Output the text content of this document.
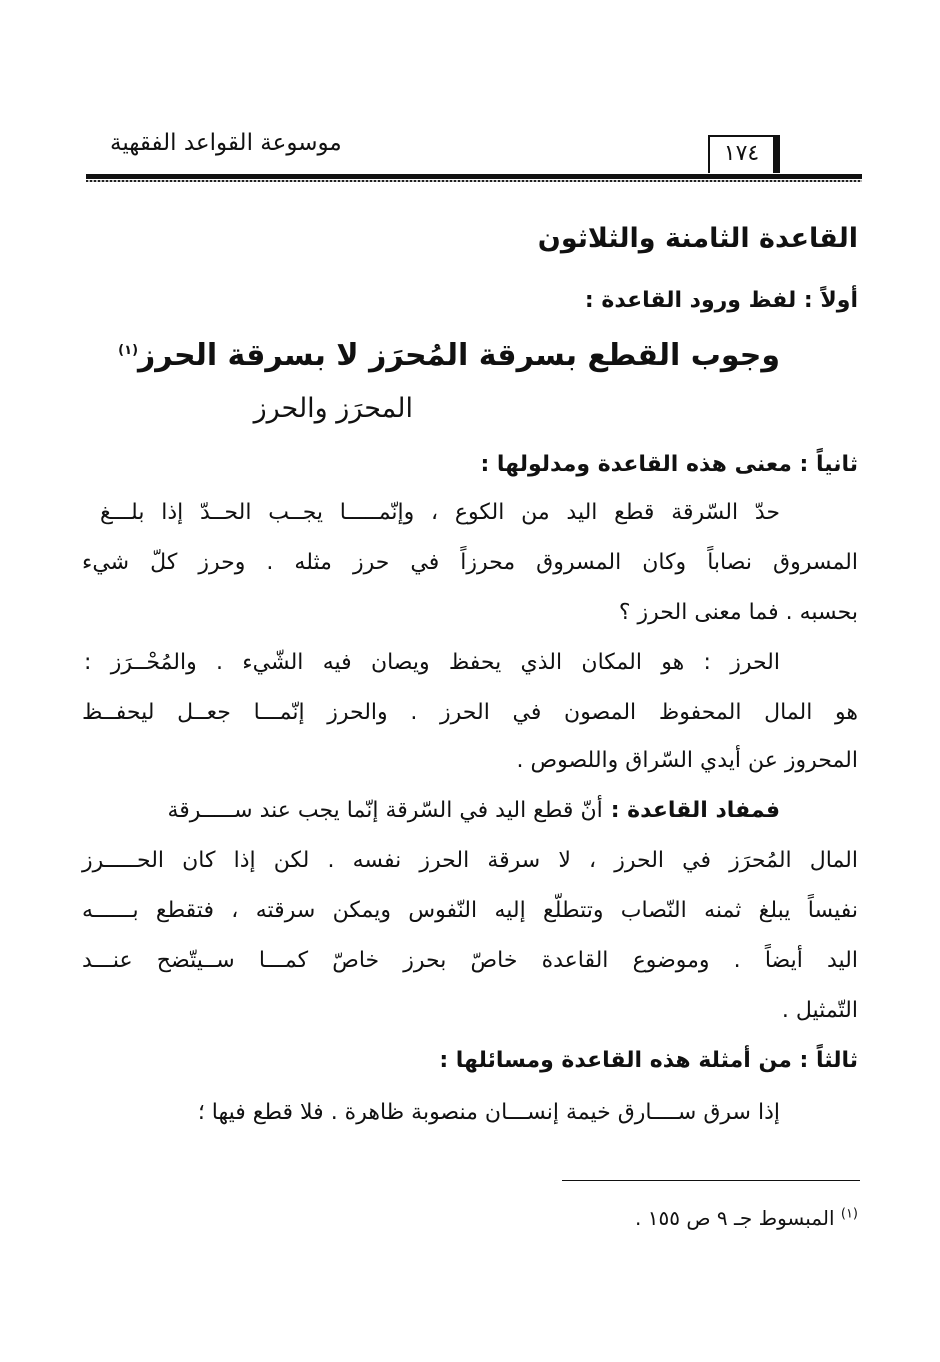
موسوعة القواعد الفقهية	١٧٤
القاعدة الثامنة والثلاثون
أولاً : لفظ ورود القاعدة :
وجوب القطع بسرقة المُحرَز لا بسرقة الحرز$^{(١)}$
المحرَز والحرز
ثانياً : معنى هذه القاعدة ومدلولها :
حدّ السّرقة قطع اليد من الكوع ، وإنّمـــــا يجــب الحــدّ إذا بلـــغ
المسروق نصاباً وكان المسروق محرزاً في حرز مثله . وحرز كلّ شيء
بحسبه . فما معنى الحرز ؟
الحرز : هو المكان الذي يحفظ ويصان فيه الشّيء . والمُحْــرَز :
هو المال المحفوظ المصون في الحرز . والحرز إنّمـــا جعــل ليحفــظ
المحروز عن أيدي السّراق واللصوص .
فمفاد القاعدة :
أنّ قطع اليد في السّرقة إنّما يجب عند ســـــرقة
المال المُحرَز في الحرز ، لا سرقة الحرز نفسه . لكن إذا كان الحـــــرز
نفيساً يبلغ ثمنه النّصاب وتتطلّع إليه النّفوس ويمكن سرقته ، فتقطع بــــــه
اليد أيضاً . وموضوع القاعدة خاصّ بحرز خاصّ كمـــا ســيتّضح عنـــد
التّمثيل .
ثالثاً : من أمثلة هذه القاعدة ومسائلها :
إذا سرق ســــارق خيمة إنســـان منصوبة ظاهرة . فلا قطع فيها ؛
$^{(١)}$ المبسوط جـ ٩ ص ١٥٥ .
